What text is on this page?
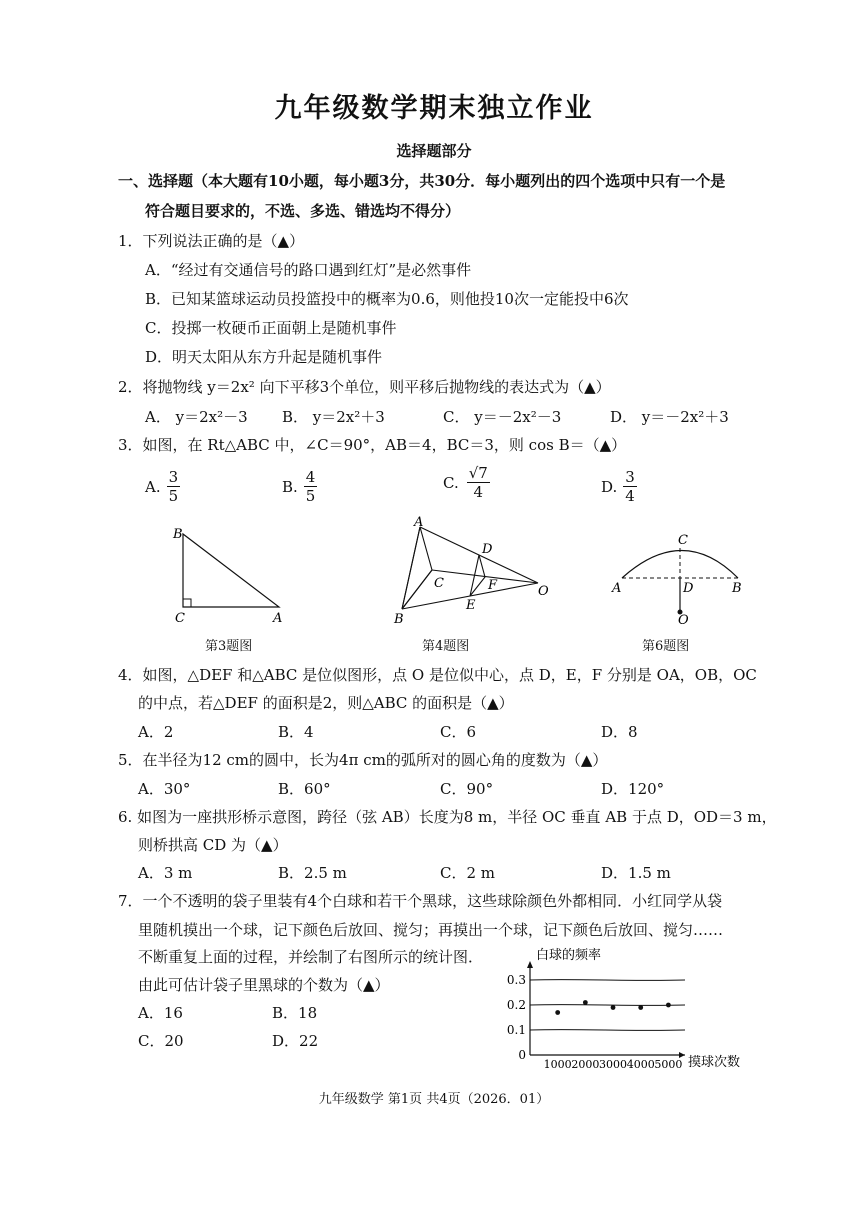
九年级数学期末独立作业
选择题部分
一、选择题（本大题有10小题，每小题3分，共30分．每小题列出的四个选项中只有一个是
符合题目要求的，不选、多选、错选均不得分）
1．下列说法正确的是（▲）
A．“经过有交通信号的路口遇到红灯”是必然事件
B．已知某篮球运动员投篮投中的概率为0.6，则他投10次一定能投中6次
C．投掷一枚硬币正面朝上是随机事件
D．明天太阳从东方升起是随机事件
2．将抛物线 y＝2x² 向下平移3个单位，则平移后抛物线的表达式为（▲）
A． y＝2x²－3 B． y＝2x²＋3	C． y＝－2x²－3	D． y＝－2x²＋3
3．如图，在 Rt△ABC 中，∠C＝90°，AB＝4，BC＝3，则 cos B＝（▲）
A. $\frac{3}{5}$	B. $\frac{4}{5}$	C. $\frac{√7}{4}$	D. $\frac{3}{4}$
B
C	A
第3题图
A
B
C
D
E
F	O
第4题图
C
A	B
D
O
第6题图
4．如图，△DEF 和△ABC 是位似图形，点 O 是位似中心，点 D，E，F 分别是 OA，OB，OC
的中点，若△DEF 的面积是2，则△ABC 的面积是（▲）
A．2	B．4	C．6	D．8
5．在半径为12 cm的圆中，长为4π cm的弧所对的圆心角的度数为（▲）
A．30°	B．60°	C．90°	D．120°
6. 如图为一座拱形桥示意图，跨径（弦 AB）长度为8 m，半径 OC 垂直 AB 于点 D，OD＝3 m，
则桥拱高 CD 为（▲）
A．3 m	B．2.5 m	C．2 m	D．1.5 m
7．一个不透明的袋子里装有4个白球和若干个黑球，这些球除颜色外都相同．小红同学从袋
里随机摸出一个球，记下颜色后放回、搅匀；再摸出一个球，记下颜色后放回、搅匀……
不断重复上面的过程，并绘制了右图所示的统计图．
由此可估计袋子里黑球的个数为（▲）
A．16	B．18
C．20	D．22
0
0.1
0.2
0.3
1000 2000 3000 4000 5000
白球的频率
摸球次数
九年级数学 第1页 共4页（2026．01）
